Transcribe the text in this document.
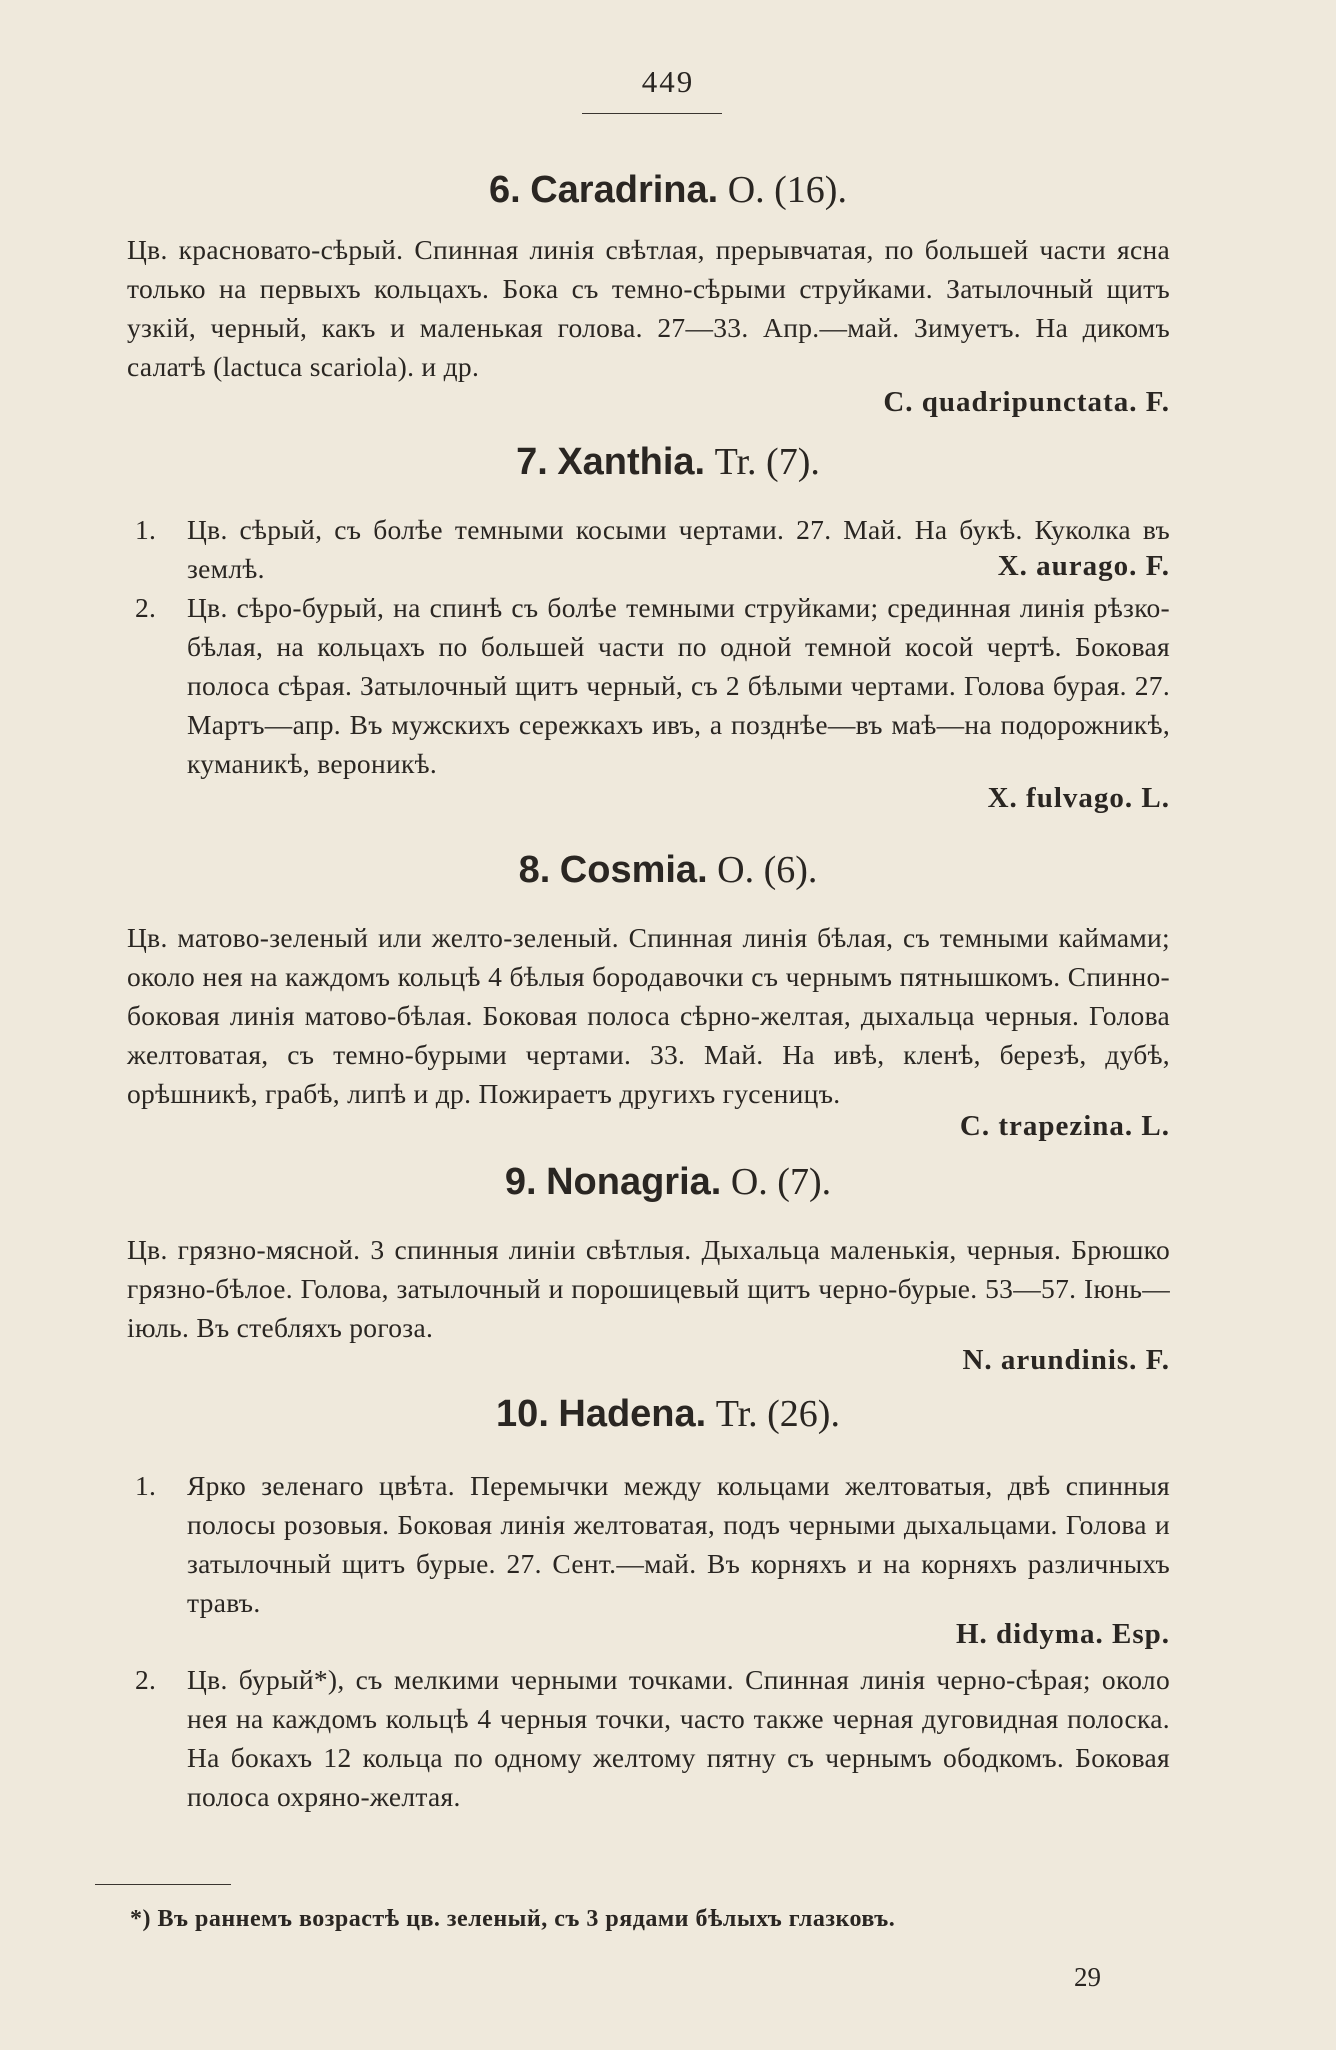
449
6. Caradrina. O. (16).
Цв. красновато-сѣрый. Спинная линія свѣтлая, прерывчатая, по большей части ясна только на первыхъ кольцахъ. Бока съ темно-сѣрыми струйками. Затылочный щитъ узкій, черный, какъ и маленькая голова. 27—33. Апр.—май. Зимуетъ. На дикомъ салатѣ (lactuca scariola). и др.
C. quadripunctata. F.
7. Xanthia. Tr. (7).
1. Цв. сѣрый, съ болѣе темными косыми чертами. 27. Май. На букѣ. Куколка въ землѣ.	X. aurago. F.
2. Цв. сѣро-бурый, на спинѣ съ болѣе темными струйками; срединная линія рѣзко-бѣлая, на кольцахъ по большей части по одной темной косой чертѣ. Боковая полоса сѣрая. Затылочный щитъ черный, съ 2 бѣлыми чертами. Голова бурая. 27. Мартъ—апр. Въ мужскихъ сережкахъ ивъ, а позднѣе—въ маѣ—на подорожникѣ, куманикѣ, вероникѣ.
X. fulvago. L.
8. Cosmia. O. (6).
Цв. матово-зеленый или желто-зеленый. Спинная линія бѣлая, съ темными каймами; около нея на каждомъ кольцѣ 4 бѣлыя бородавочки съ чернымъ пятнышкомъ. Спинно-боковая линія матово-бѣлая. Боковая полоса сѣрно-желтая, дыхальца черныя. Голова желтоватая, съ темно-бурыми чертами. 33. Май. На ивѣ, кленѣ, березѣ, дубѣ, орѣшникѣ, грабѣ, липѣ и др. Пожираетъ другихъ гусеницъ.
C. trapezina. L.
9. Nonagria. O. (7).
Цв. грязно-мясной. 3 спинныя линіи свѣтлыя. Дыхальца маленькія, черныя. Брюшко грязно-бѣлое. Голова, затылочный и порошицевый щитъ черно-бурые. 53—57. Іюнь—іюль. Въ стебляхъ рогоза.
N. arundinis. F.
10. Hadena. Tr. (26).
1. Ярко зеленаго цвѣта. Перемычки между кольцами желтоватыя, двѣ спинныя полосы розовыя. Боковая линія желтоватая, подъ черными дыхальцами. Голова и затылочный щитъ бурые. 27. Сент.—май. Въ корняхъ и на корняхъ различныхъ травъ.
H. didyma. Esp.
2. Цв. бурый*), съ мелкими черными точками. Спинная линія черно-сѣрая; около нея на каждомъ кольцѣ 4 черныя точки, часто также черная дуговидная полоска. На бокахъ 12 кольца по одному желтому пятну съ чернымъ ободкомъ. Боковая полоса охряно-желтая.
*) Въ раннемъ возрастѣ цв. зеленый, съ 3 рядами бѣлыхъ глазковъ.
29
